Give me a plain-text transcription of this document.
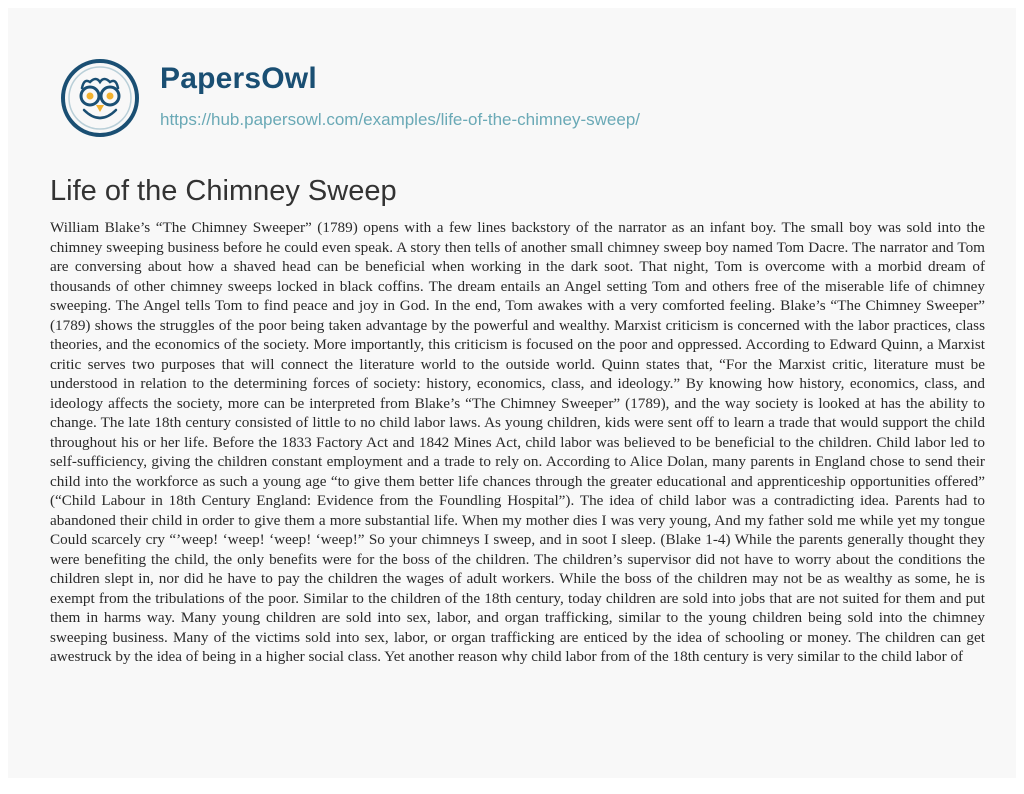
PapersOwl
https://hub.papersowl.com/examples/life-of-the-chimney-sweep/
Life of the Chimney Sweep

William Blake’s “The Chimney Sweeper” (1789) opens with a few lines backstory of the narrator as an infant boy. The small boy was sold into the chimney sweeping business before he could even speak. A story then tells of another small chimney sweep boy named Tom Dacre. The narrator and Tom are conversing about how a shaved head can be beneficial when working in the dark soot. That night, Tom is overcome with a morbid dream of thousands of other chimney sweeps locked in black coffins. The dream entails an Angel setting Tom and others free of the miserable life of chimney sweeping. The Angel tells Tom to find peace and joy in God. In the end, Tom awakes with a very comforted feeling. Blake’s “The Chimney Sweeper” (1789) shows the struggles of the poor being taken advantage by the powerful and wealthy. Marxist criticism is concerned with the labor practices, class theories, and the economics of the society. More importantly, this criticism is focused on the poor and oppressed. According to Edward Quinn, a Marxist critic serves two purposes that will connect the literature world to the outside world. Quinn states that, “For the Marxist critic, literature must be understood in relation to the determining forces of society: history, economics, class, and ideology.” By knowing how history, economics, class, and ideology affects the society, more can be interpreted from Blake’s “The Chimney Sweeper” (1789), and the way society is looked at has the ability to change. The late 18th century consisted of little to no child labor laws. As young children, kids were sent off to learn a trade that would support the child throughout his or her life. Before the 1833 Factory Act and 1842 Mines Act, child labor was believed to be beneficial to the children. Child labor led to self-sufficiency, giving the children constant employment and a trade to rely on. According to Alice Dolan, many parents in England chose to send their child into the workforce as such a young age “to give them better life chances through the greater educational and apprenticeship opportunities offered” (“Child Labour in 18th Century England: Evidence from the Foundling Hospital”). The idea of child labor was a contradicting idea. Parents had to abandoned their child in order to give them a more substantial life. When my mother dies I was very young, And my father sold me while yet my tongue Could scarcely cry “’weep! ‘weep! ‘weep! ‘weep!” So your chimneys I sweep, and in soot I sleep. (Blake 1-4) While the parents generally thought they were benefiting the child, the only benefits were for the boss of the children. The children’s supervisor did not have to worry about the conditions the children slept in, nor did he have to pay the children the wages of adult workers. While the boss of the children may not be as wealthy as some, he is exempt from the tribulations of the poor. Similar to the children of the 18th century, today children are sold into jobs that are not suited for them and put them in harms way. Many young children are sold into sex, labor, and organ trafficking, similar to the young children being sold into the chimney sweeping business. Many of the victims sold into sex, labor, or organ trafficking are enticed by the idea of schooling or money. The children can get awestruck by the idea of being in a higher social class. Yet another reason why child labor from of the 18th century is very similar to the child labor of
